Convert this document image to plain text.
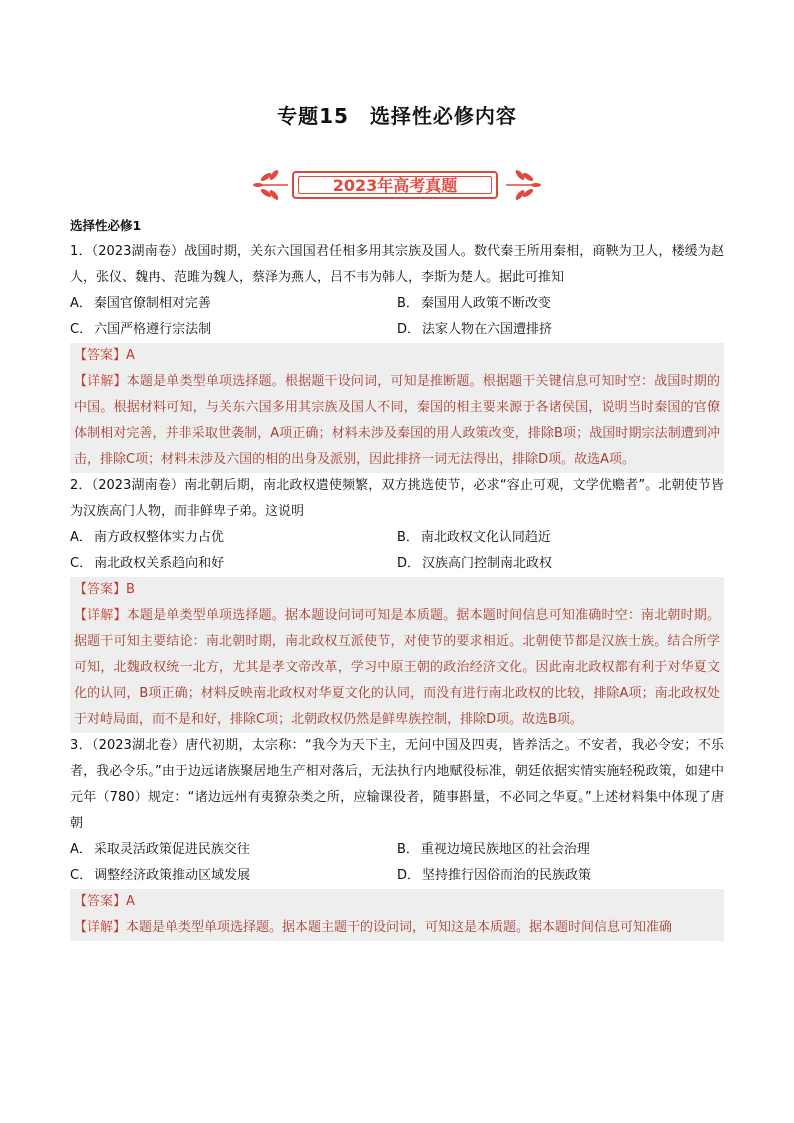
专题15　选择性必修内容
2023年高考真题
选择性必修1
1．（2023湖南卷）战国时期，关东六国国君任相多用其宗族及国人。数代秦王所用秦相，商鞅为卫人，楼缓为赵人，张仪、魏冉、范雎为魏人，蔡泽为燕人，吕不韦为韩人，李斯为楚人。据此可推知
A． 秦国官僚制相对完善	B． 秦国用人政策不断改变
C． 六国严格遵行宗法制	D． 法家人物在六国遭排挤
【答案】A
【详解】本题是单类型单项选择题。根据题干设问词，可知是推断题。根据题干关键信息可知时空：战国时期的中国。根据材料可知，与关东六国多用其宗族及国人不同，秦国的相主要来源于各诸侯国，说明当时秦国的官僚体制相对完善，并非采取世袭制，A项正确；材料未涉及秦国的用人政策改变，排除B项；战国时期宗法制遭到冲击，排除C项；材料未涉及六国的相的出身及派别，因此排挤一词无法得出，排除D项。故选A项。
2．（2023湖南卷）南北朝后期，南北政权遣使频繁，双方挑选使节，必求“容止可观，文学优赡者”。北朝使节皆为汉族高门人物，而非鲜卑子弟。这说明
A． 南方政权整体实力占优	B． 南北政权文化认同趋近
C． 南北政权关系趋向和好	D． 汉族高门控制南北政权
【答案】B
【详解】本题是单类型单项选择题。据本题设问词可知是本质题。据本题时间信息可知准确时空：南北朝时期。据题干可知主要结论：南北朝时期，南北政权互派使节，对使节的要求相近。北朝使节都是汉族士族。结合所学可知，北魏政权统一北方，尤其是孝文帝改革，学习中原王朝的政治经济文化。因此南北政权都有利于对华夏文化的认同，B项正确；材料反映南北政权对华夏文化的认同，而没有进行南北政权的比较，排除A项；南北政权处于对峙局面，而不是和好，排除C项；北朝政权仍然是鲜卑族控制，排除D项。故选B项。
3．（2023湖北卷）唐代初期，太宗称：“我今为天下主，无问中国及四夷，皆养活之。不安者，我必令安；不乐者，我必令乐。”由于边远诸族聚居地生产相对落后，无法执行内地赋役标准，朝廷依据实情实施轻税政策，如建中元年（780）规定：“诸边远州有夷獠杂类之所，应输课役者，随事斟量，不必同之华夏。”上述材料集中体现了唐朝
A． 采取灵活政策促进民族交往	B． 重视边境民族地区的社会治理
C． 调整经济政策推动区域发展	D． 坚持推行因俗而治的民族政策
【答案】A
【详解】本题是单类型单项选择题。据本题主题干的设问词，可知这是本质题。据本题时间信息可知准确
